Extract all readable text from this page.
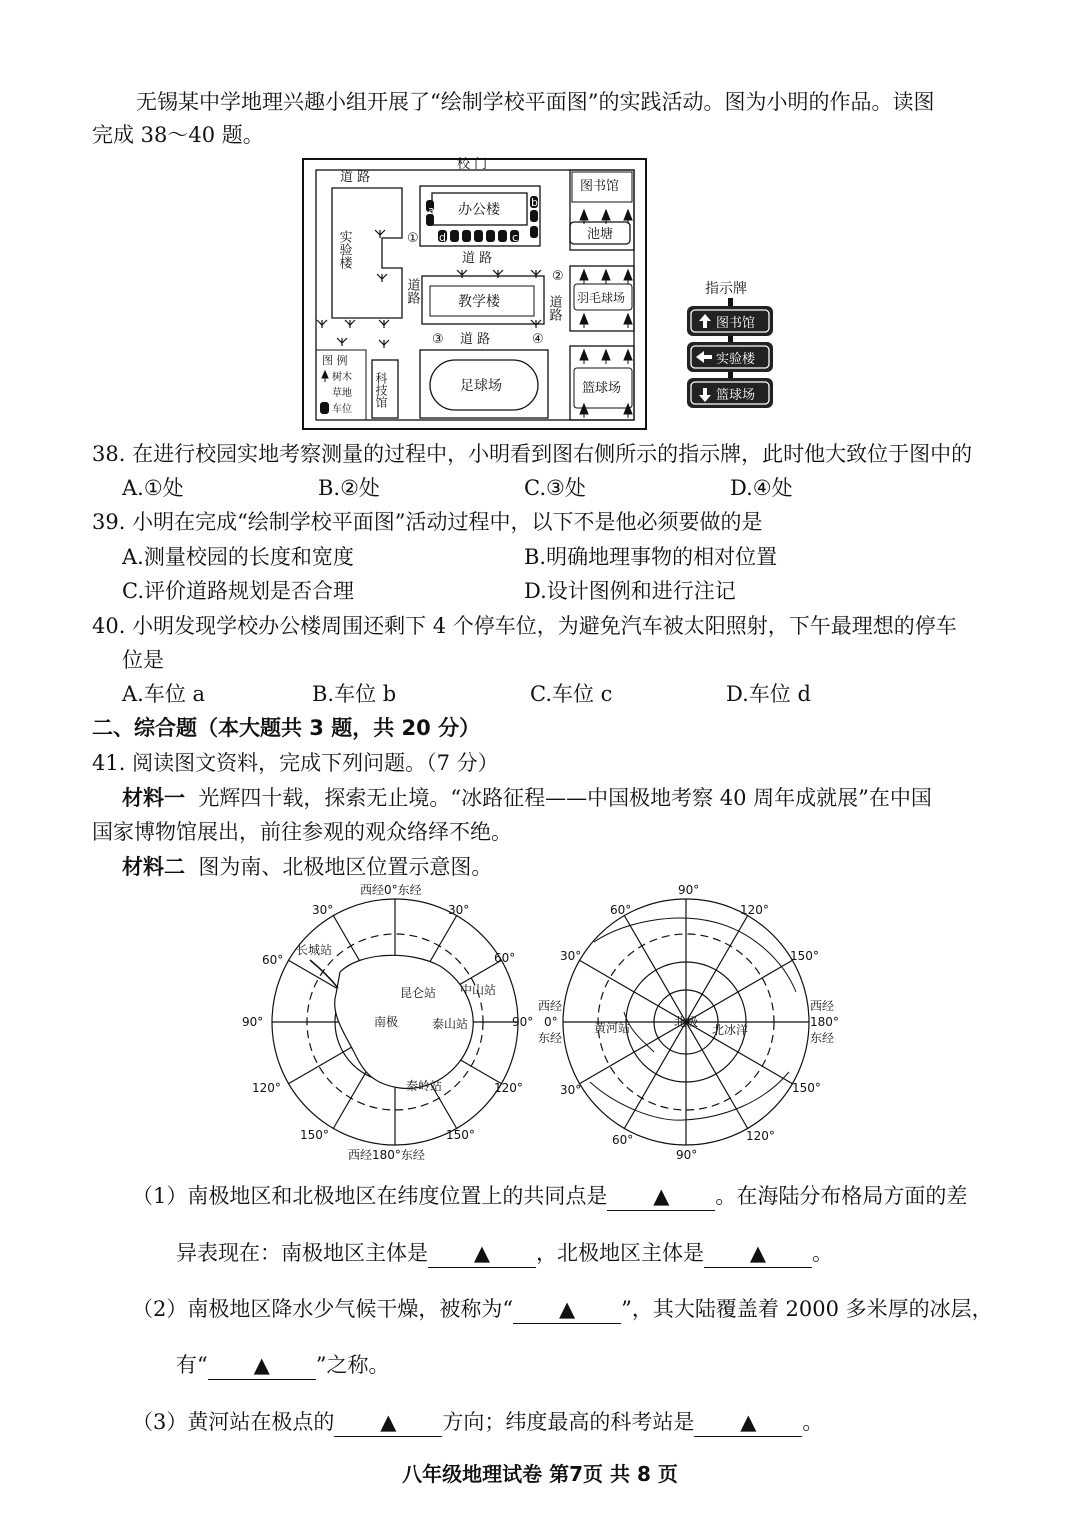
无锡某中学地理兴趣小组开展了“绘制学校平面图”的实践活动。图为小明的作品。读图
完成 38～40 题。
校 门
道 路
办公楼
a
b
c
d
图书馆
池塘
实验楼
道路
道 路
①
②
道路
教学楼
③ 道 路	④
羽毛球场
足球场	篮球场
科技馆
图 例
树木
草地
车位
指示牌
图书馆
实验楼
篮球场
38. 在进行校园实地考察测量的过程中，小明看到图右侧所示的指示牌，此时他大致位于图中的
A.①处	B.②处	C.③处	D.④处
39. 小明在完成“绘制学校平面图”活动过程中，以下不是他必须要做的是
A.测量校园的长度和宽度	B.明确地理事物的相对位置
C.评价道路规划是否合理	D.设计图例和进行注记
40. 小明发现学校办公楼周围还剩下 4 个停车位，为避免汽车被太阳照射，下午最理想的停车
位是
A.车位 a	B.车位 b	C.车位 c	D.车位 d
二、综合题（本大题共 3 题，共 20 分）
41. 阅读图文资料，完成下列问题。（7 分）
材料一 光辉四十载，探索无止境。“冰路征程——中国极地考察 40 周年成就展”在中国
国家博物馆展出，前往参观的观众络绎不绝。
材料二 图为南、北极地区位置示意图。
西经0°东经
西经180°东经
30°	30°
60°	60°
90°	90°
120°	120°
150°	150°
南极
长城站
昆仑站 中山站
泰山站
秦岭站
90°
90°
60°	120°
30°	150°
西经
0°
东经
西经
180°
东经
30°	150°
60°	120°
北极
黄河站	北冰洋
（1）南极地区和北极地区在纬度位置上的共同点是 ▲ 。在海陆分布格局方面的差
异表现在：南极地区主体是 ▲ ，北极地区主体是 ▲ 。
（2）南极地区降水少气候干燥，被称为“ ▲ ”，其大陆覆盖着 2000 多米厚的冰层，
有“ ▲ ”之称。
（3）黄河站在极点的 ▲ 方向；纬度最高的科考站是 ▲ 。
八年级地理试卷 第7页 共 8 页
